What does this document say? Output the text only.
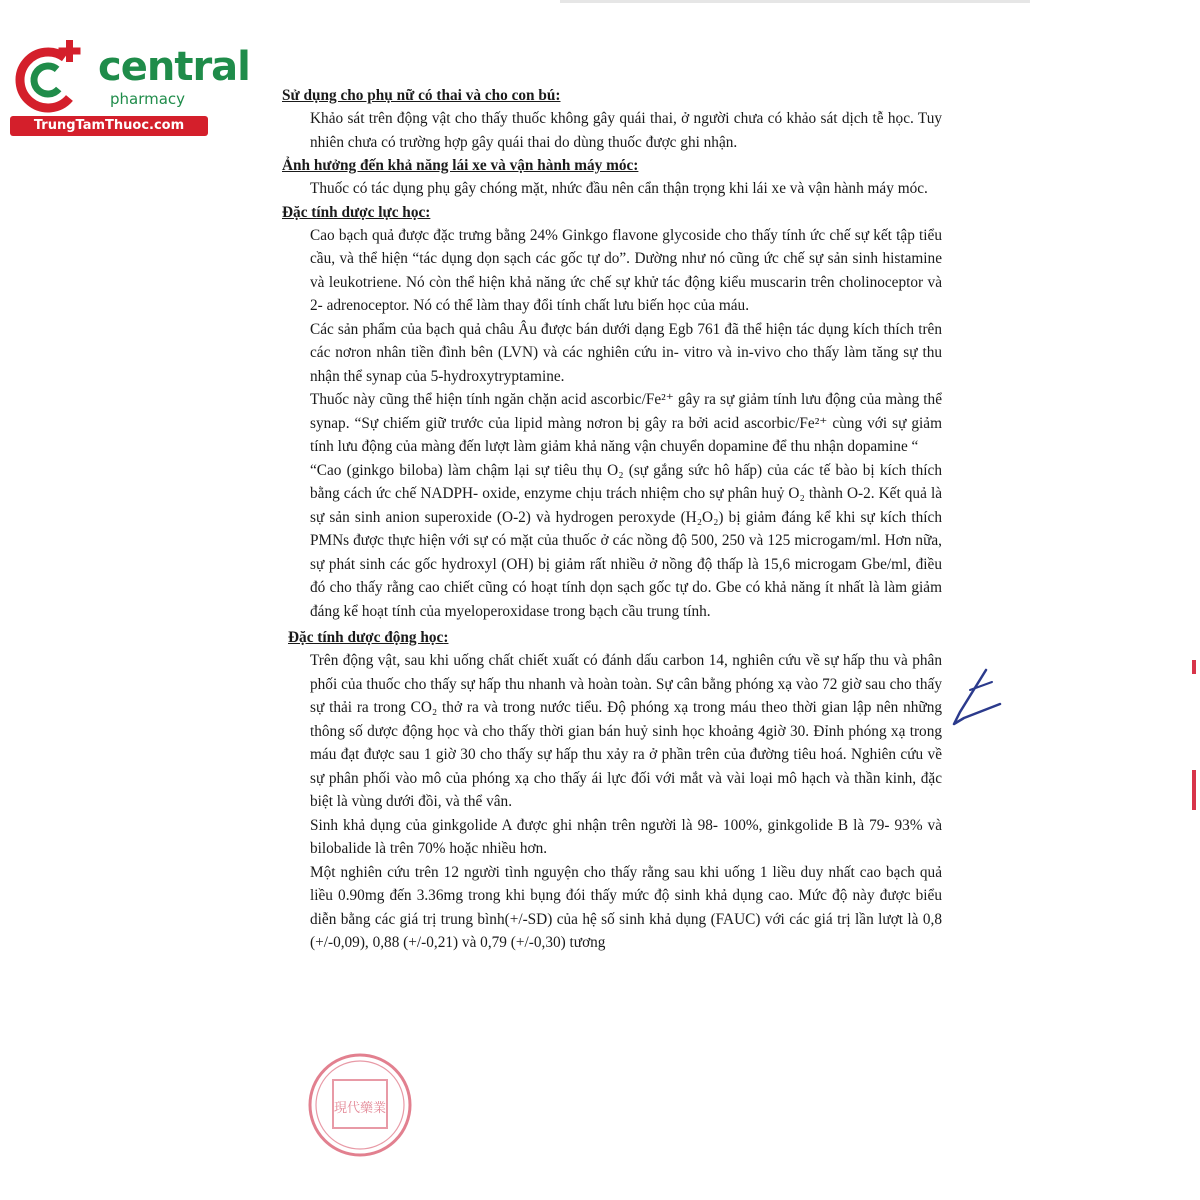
central
pharmacy
TrungTamThuoc.com
Sử dụng cho phụ nữ có thai và cho con bú:
Khảo sát trên động vật cho thấy thuốc không gây quái thai, ở người chưa có khảo sát dịch tễ học. Tuy nhiên chưa có trường hợp gây quái thai do dùng thuốc được ghi nhận.
Ảnh hưởng đến khả năng lái xe và vận hành máy móc:
Thuốc có tác dụng phụ gây chóng mặt, nhức đầu nên cẩn thận trọng khi lái xe và vận hành máy móc.
Đặc tính dược lực học:
Cao bạch quả được đặc trưng bằng 24% Ginkgo flavone glycoside cho thấy tính ức chế sự kết tập tiểu cầu, và thể hiện “tác dụng dọn sạch các gốc tự do”. Dường như nó cũng ức chế sự sản sinh histamine và leukotriene. Nó còn thể hiện khả năng ức chế sự khử tác động kiểu muscarin trên cholinoceptor và 2- adrenoceptor. Nó có thể làm thay đổi tính chất lưu biến học của máu.
Các sản phẩm của bạch quả châu Âu được bán dưới dạng Egb 761 đã thể hiện tác dụng kích thích trên các nơron nhân tiền đình bên (LVN) và các nghiên cứu in- vitro và in-vivo cho thấy làm tăng sự thu nhận thể synap của 5-hydroxytryptamine.
Thuốc này cũng thể hiện tính ngăn chặn acid ascorbic/Fe²⁺ gây ra sự giảm tính lưu động của màng thể synap. “Sự chiếm giữ trước của lipid màng nơron bị gây ra bởi acid ascorbic/Fe²⁺ cùng với sự giảm tính lưu động của màng đến lượt làm giảm khả năng vận chuyển dopamine để thu nhận dopamine “
“Cao (ginkgo biloba) làm chậm lại sự tiêu thụ O₂ (sự gắng sức hô hấp) của các tế bào bị kích thích bằng cách ức chế NADPH- oxide, enzyme chịu trách nhiệm cho sự phân huỷ O₂ thành O-2. Kết quả là sự sản sinh anion superoxide (O-2) và hydrogen peroxyde (H₂O₂) bị giảm đáng kể khi sự kích thích PMNs được thực hiện với sự có mặt của thuốc ở các nồng độ 500, 250 và 125 microgam/ml. Hơn nữa, sự phát sinh các gốc hydroxyl (OH) bị giảm rất nhiều ở nồng độ thấp là 15,6 microgam Gbe/ml, điều đó cho thấy rằng cao chiết cũng có hoạt tính dọn sạch gốc tự do. Gbe có khả năng ít nhất là làm giảm đáng kể hoạt tính của myeloperoxidase trong bạch cầu trung tính.
Đặc tính dược động học:
Trên động vật, sau khi uống chất chiết xuất có đánh dấu carbon 14, nghiên cứu về sự hấp thu và phân phối của thuốc cho thấy sự hấp thu nhanh và hoàn toàn. Sự cân bằng phóng xạ vào 72 giờ sau cho thấy sự thải ra trong CO₂ thở ra và trong nước tiểu. Độ phóng xạ trong máu theo thời gian lập nên những thông số dược động học và cho thấy thời gian bán huỷ sinh học khoảng 4giờ 30. Đỉnh phóng xạ trong máu đạt được sau 1 giờ 30 cho thấy sự hấp thu xảy ra ở phần trên của đường tiêu hoá. Nghiên cứu về sự phân phối vào mô của phóng xạ cho thấy ái lực đối với mắt và vài loại mô hạch và thần kinh, đặc biệt là vùng dưới đồi, và thể vân.
Sinh khả dụng của ginkgolide A được ghi nhận trên người là 98- 100%, ginkgolide B là 79- 93% và bilobalide là trên 70% hoặc nhiều hơn.
Một nghiên cứu trên 12 người tình nguyện cho thấy rằng sau khi uống 1 liều duy nhất cao bạch quả liều 0.90mg đến 3.36mg trong khi bụng đói thấy mức độ sinh khả dụng cao. Mức độ này được biểu diễn bằng các giá trị trung bình(+/-SD) của hệ số sinh khả dụng (FAUC) với các giá trị lần lượt là 0,8 (+/-0,09), 0,88 (+/-0,21) và 0,79 (+/-0,30) tương
現代藥業
